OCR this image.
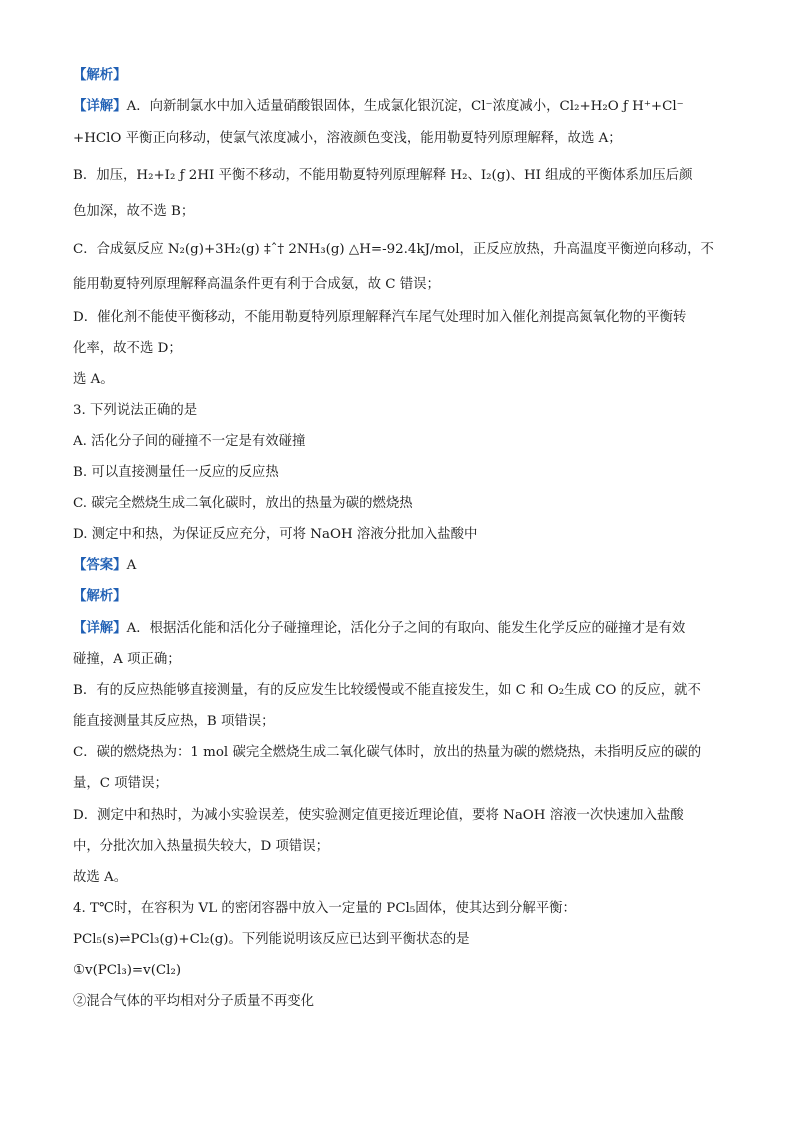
【解析】
【详解】A．向新制氯水中加入适量硝酸银固体，生成氯化银沉淀，Cl⁻浓度减小，Cl₂+H₂O ƒ H⁺+Cl⁻
+HClO 平衡正向移动，使氯气浓度减小，溶液颜色变浅，能用勒夏特列原理解释，故选 A；
B．加压，H₂+I₂ ƒ 2HI 平衡不移动，不能用勒夏特列原理解释 H₂、I₂(g)、HI 组成的平衡体系加压后颜
色加深，故不选 B；
C．合成氨反应 N₂(g)+3H₂(g) ‡ˆ† 2NH₃(g) △H=-92.4kJ/mol，正反应放热，升高温度平衡逆向移动，不
能用勒夏特列原理解释高温条件更有利于合成氨，故 C 错误；
D．催化剂不能使平衡移动，不能用勒夏特列原理解释汽车尾气处理时加入催化剂提高氮氧化物的平衡转
化率，故不选 D；
选 A。
3. 下列说法正确的是
A. 活化分子间的碰撞不一定是有效碰撞
B. 可以直接测量任一反应的反应热
C. 碳完全燃烧生成二氧化碳时，放出的热量为碳的燃烧热
D. 测定中和热，为保证反应充分，可将 NaOH 溶液分批加入盐酸中
【答案】A
【解析】
【详解】A．根据活化能和活化分子碰撞理论，活化分子之间的有取向、能发生化学反应的碰撞才是有效
碰撞，A 项正确；
B．有的反应热能够直接测量，有的反应发生比较缓慢或不能直接发生，如 C 和 O₂生成 CO 的反应，就不
能直接测量其反应热，B 项错误；
C．碳的燃烧热为：1 mol 碳完全燃烧生成二氧化碳气体时，放出的热量为碳的燃烧热，未指明反应的碳的
量，C 项错误；
D．测定中和热时，为减小实验误差，使实验测定值更接近理论值，要将 NaOH 溶液一次快速加入盐酸
中，分批次加入热量损失较大，D 项错误；
故选 A。
4. T℃时，在容积为 VL 的密闭容器中放入一定量的 PCl₅固体，使其达到分解平衡：
PCl₅(s)⇌PCl₃(g)+Cl₂(g)。下列能说明该反应已达到平衡状态的是
①v(PCl₃)=v(Cl₂)
②混合气体的平均相对分子质量不再变化
